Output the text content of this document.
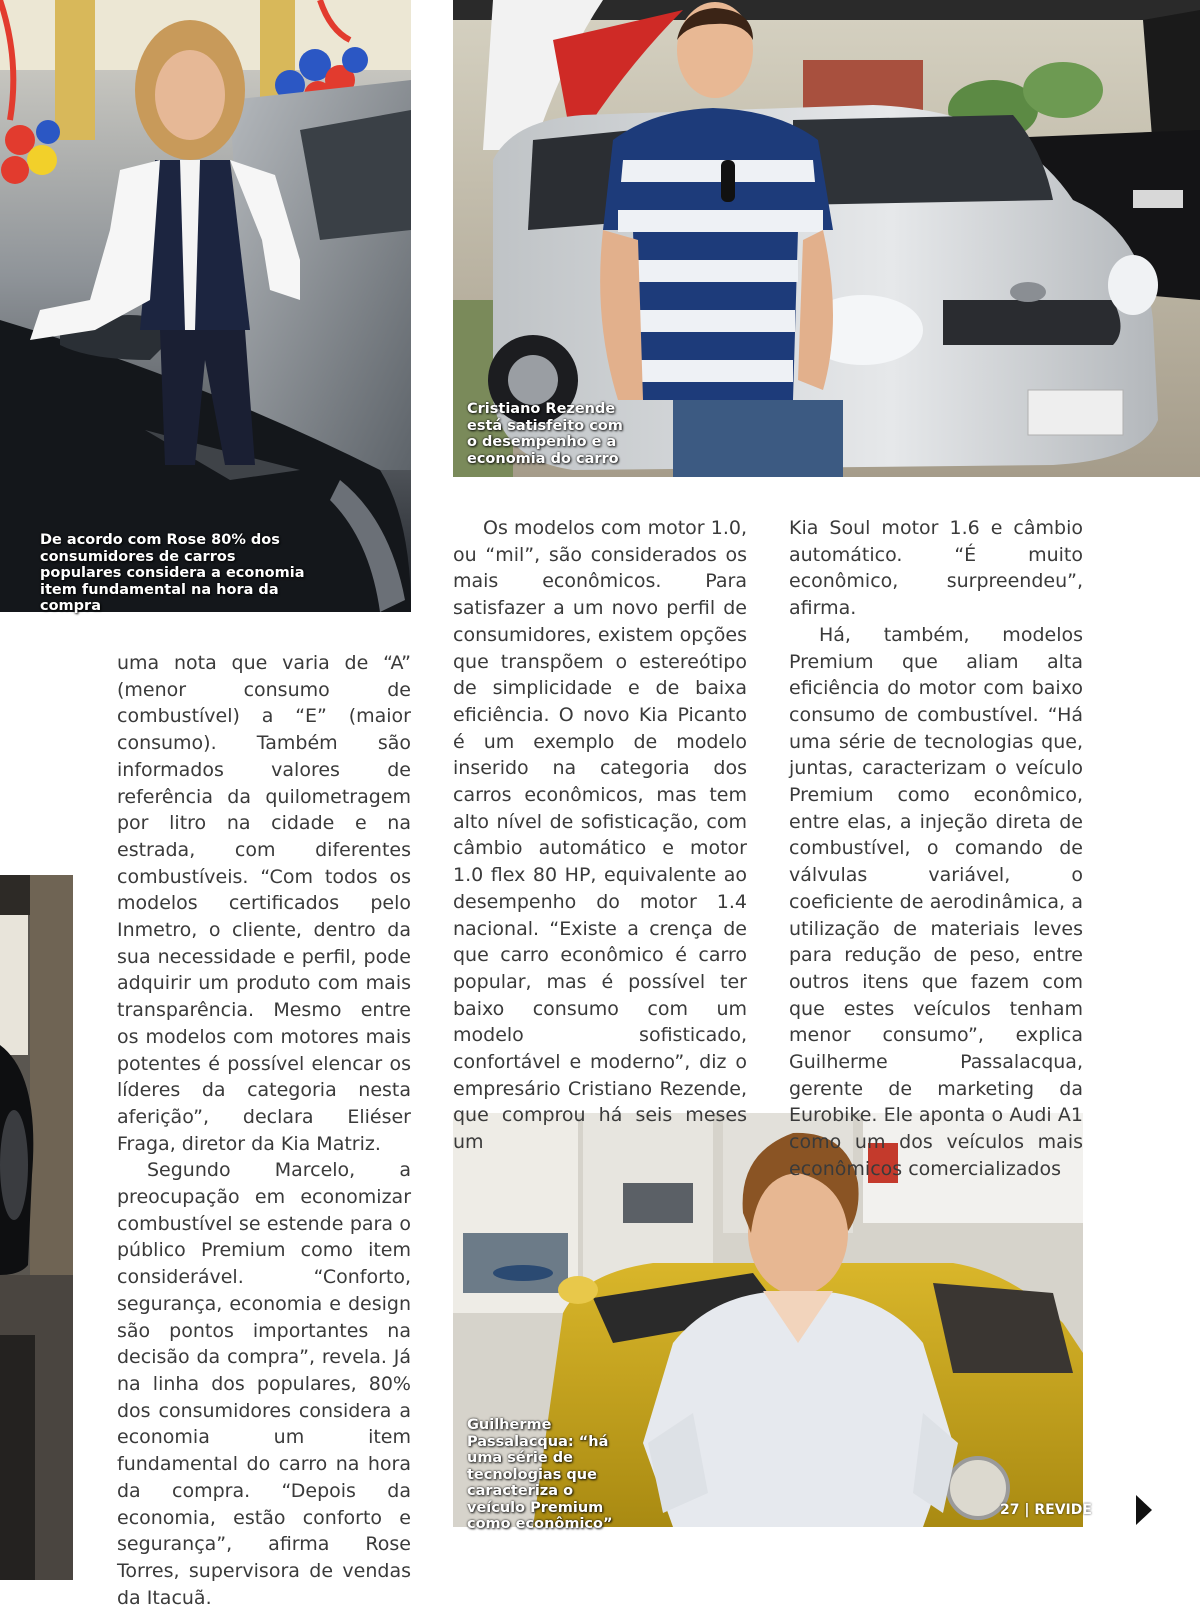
De acordo com Rose 80% dos consumidores de carros populares considera a economia item fundamental na hora da compra
Cristiano Rezende está satisfeito com o desempenho e a economia do carro
Guilherme Passalacqua: “há uma série de tecnologias que caracteriza o veículo Premium como econômico”
27 | REVIDE

uma nota que varia de “A” (menor consumo de combustível) a “E” (maior consumo). Também são informados valores de referência da quilometragem por litro na cidade e na estrada, com diferentes combustíveis. “Com todos os modelos certificados pelo Inmetro, o cliente, dentro da sua necessidade e perfil, pode adquirir um produto com mais transparência. Mesmo entre os modelos com motores mais potentes é possível elencar os líderes da categoria nesta aferição”, declara Eliéser Fraga, diretor da Kia Matriz.

Segundo Marcelo, a preocupação em economizar combustível se estende para o público Premium como item considerável. “Conforto, segurança, economia e design são pontos importantes na decisão da compra”, revela. Já na linha dos populares, 80% dos consumidores considera a economia um item fundamental do carro na hora da compra. “Depois da economia, estão conforto e segurança”, afirma Rose Torres, supervisora de vendas da Itacuã.

Os modelos com motor 1.0, ou “mil”, são considerados os mais econômicos. Para satisfazer a um novo perfil de consumidores, existem opções que transpõem o estereótipo de simplicidade e de baixa eficiência. O novo Kia Picanto é um exemplo de modelo inserido na categoria dos carros econômicos, mas tem alto nível de sofisticação, com câmbio automático e motor 1.0 flex 80 HP, equivalente ao desempenho do motor 1.4 nacional. “Existe a crença de que carro econômico é carro popular, mas é possível ter baixo consumo com um modelo sofisticado, confortável e moderno”, diz o empresário Cristiano Rezende, que comprou há seis meses um

Kia Soul motor 1.6 e câmbio automático. “É muito econômico, surpreendeu”, afirma.

Há, também, modelos Premium que aliam alta eficiência do motor com baixo consumo de combustível. “Há uma série de tecnologias que, juntas, caracterizam o veículo Premium como econômico, entre elas, a injeção direta de combustível, o comando de válvulas variável, o coeficiente de aerodinâmica, a utilização de materiais leves para redução de peso, entre outros itens que fazem com que estes veículos tenham menor consumo”, explica Guilherme Passalacqua, gerente de marketing da Eurobike. Ele aponta o Audi A1 como um dos veículos mais econômicos comercializados
